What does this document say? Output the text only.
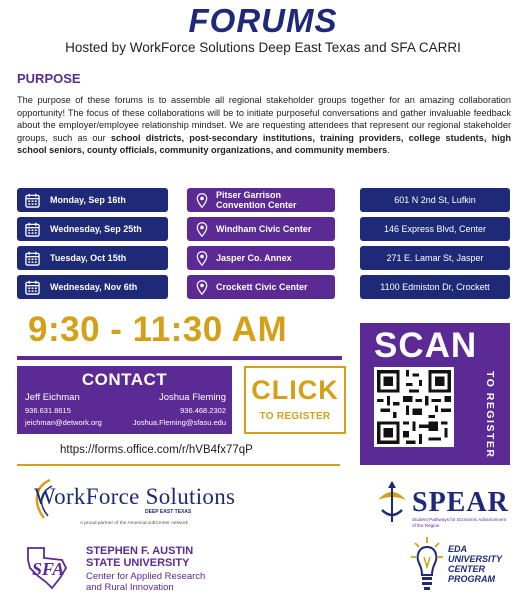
FORUMS
Hosted by WorkForce Solutions Deep East Texas and SFA CARRI
PURPOSE
The purpose of these forums is to assemble all regional stakeholder groups together for an amazing collaboration opportunity! The focus of these collaborations will be to initiate purposeful conversations and gather invaluable feedback about the employer/employee relationship mindset. We are requesting attendees that represent our regional stakeholder groups, such as our school districts, post-secondary institutions, training providers, college students, high school seniors, county officials, community organizations, and community members.
Monday, Sep 16th	Pitser Garrison Convention Center	601 N 2nd St, Lufkin
Wednesday, Sep 25th	Windham Civic Center	146 Express Blvd, Center
Tuesday, Oct 15th	Jasper Co. Annex	271 E. Lamar St, Jasper
Wednesday, Nov 6th	Crockett Civic Center	1100 Edmiston Dr, Crockett
9:30 - 11:30 AM
CONTACT
Jeff Eichman
936.631.8615
jeichman@detwork.org
Joshua Fleming
936.468.2302
Joshua.Fleming@sfasu.edu
CLICK
TO REGISTER
https://forms.office.com/r/hVB4fx77qP
SCAN
TO REGISTER
WorkForce Solutions
DEEP EAST TEXAS
A proud partner of the AmericanJobCenter network
SPEAR
Student Pathways for Economic Advancement of the Region
SFA
STEPHEN F. AUSTIN
STATE UNIVERSITY
Center for Applied Research
and Rural Innovation
EDA
UNIVERSITY
CENTER
PROGRAM
